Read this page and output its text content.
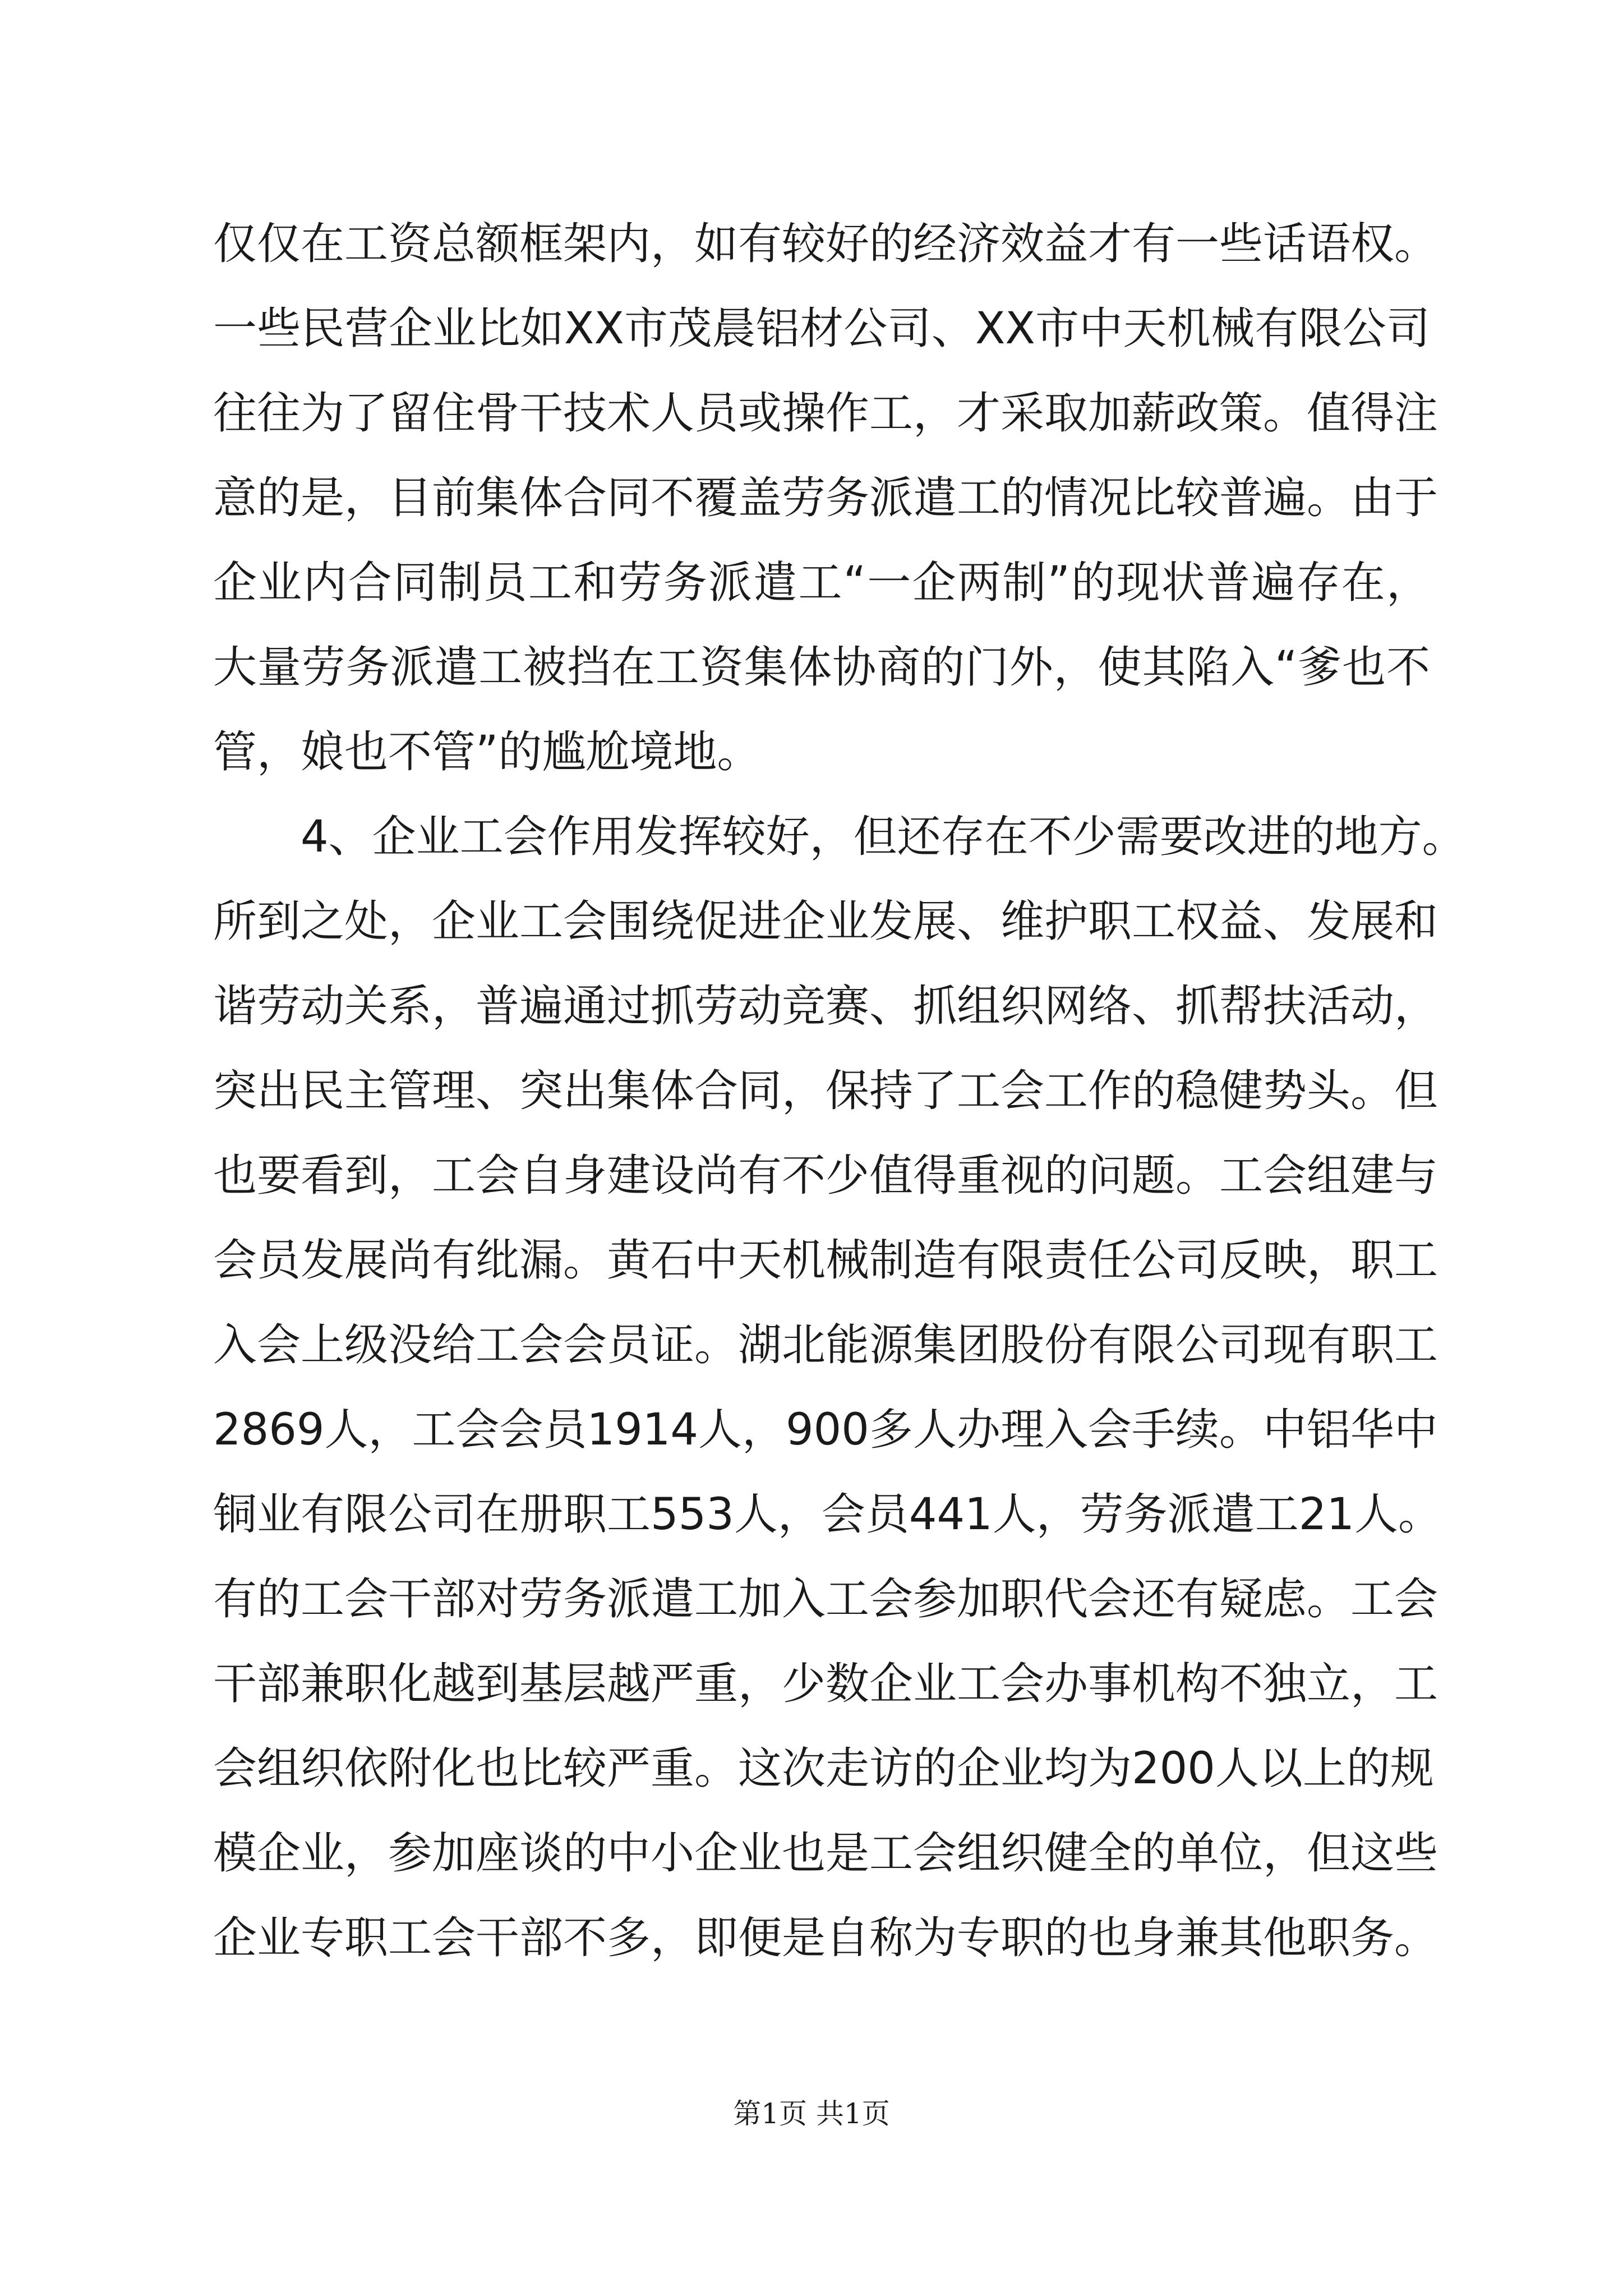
仅仅在工资总额框架内，如有较好的经济效益才有一些话语权。
一些民营企业比如XX市茂晨铝材公司、XX市中天机械有限公司
往往为了留住骨干技术人员或操作工，才采取加薪政策。值得注
意的是，目前集体合同不覆盖劳务派遣工的情况比较普遍。由于
企业内合同制员工和劳务派遣工“一企两制”的现状普遍存在，
大量劳务派遣工被挡在工资集体协商的门外，使其陷入“爹也不
管，娘也不管”的尴尬境地。
4、企业工会作用发挥较好，但还存在不少需要改进的地方。
所到之处，企业工会围绕促进企业发展、维护职工权益、发展和
谐劳动关系，普遍通过抓劳动竞赛、抓组织网络、抓帮扶活动，
突出民主管理、突出集体合同，保持了工会工作的稳健势头。但
也要看到，工会自身建设尚有不少值得重视的问题。工会组建与
会员发展尚有纰漏。黄石中天机械制造有限责任公司反映，职工
入会上级没给工会会员证。湖北能源集团股份有限公司现有职工
2869人，工会会员1914人，900多人办理入会手续。中铝华中
铜业有限公司在册职工553人，会员441人，劳务派遣工21人。
有的工会干部对劳务派遣工加入工会参加职代会还有疑虑。工会
干部兼职化越到基层越严重，少数企业工会办事机构不独立，工
会组织依附化也比较严重。这次走访的企业均为200人以上的规
模企业，参加座谈的中小企业也是工会组织健全的单位，但这些
企业专职工会干部不多，即便是自称为专职的也身兼其他职务。
第1页 共1页
